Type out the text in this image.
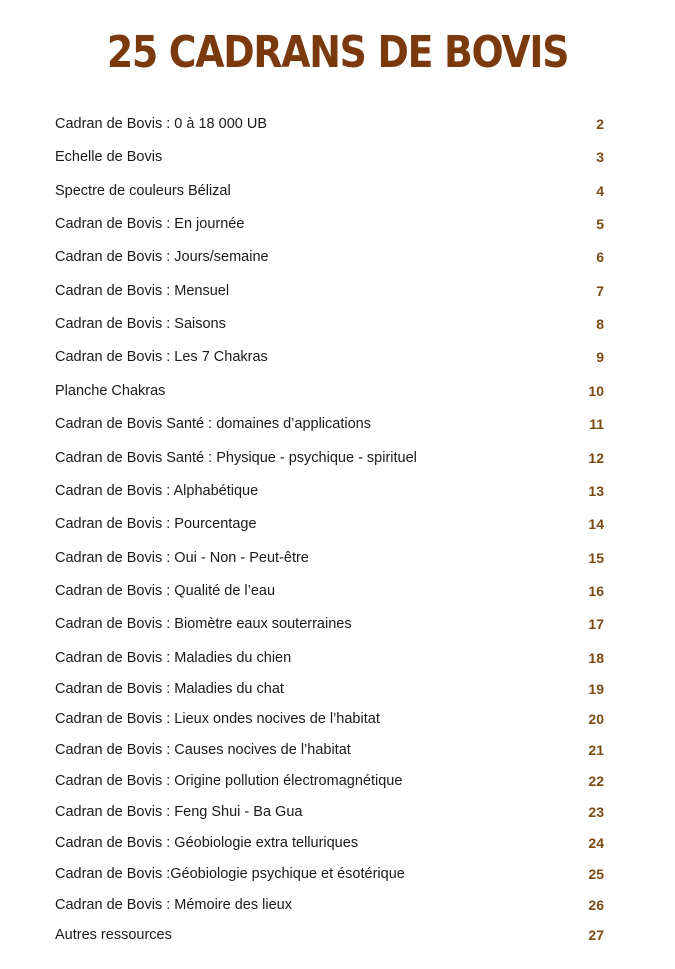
25 CADRANS DE BOVIS
Cadran de Bovis : 0 à 18 000 UB	2
Echelle de Bovis	3
Spectre de couleurs Bélizal	4
Cadran de Bovis : En journée	5
Cadran de Bovis : Jours/semaine	6
Cadran de Bovis : Mensuel	7
Cadran de Bovis : Saisons	8
Cadran de Bovis : Les 7 Chakras	9
Planche Chakras	10
Cadran de Bovis Santé : domaines d’applications	11
Cadran de Bovis Santé : Physique - psychique - spirituel	12
Cadran de Bovis : Alphabétique	13
Cadran de Bovis : Pourcentage	14
Cadran de Bovis : Oui - Non - Peut-être	15
Cadran de Bovis : Qualité de l’eau	16
Cadran de Bovis : Biomètre eaux souterraines	17
Cadran de Bovis : Maladies du chien	18
Cadran de Bovis : Maladies du chat	19
Cadran de Bovis : Lieux ondes nocives de l’habitat	20
Cadran de Bovis : Causes nocives de l’habitat	21
Cadran de Bovis : Origine pollution électromagnétique	22
Cadran de Bovis : Feng Shui - Ba Gua	23
Cadran de Bovis : Géobiologie extra telluriques	24
Cadran de Bovis :Géobiologie psychique et ésotérique	25
Cadran de Bovis : Mémoire des lieux	26
Autres ressources	27
